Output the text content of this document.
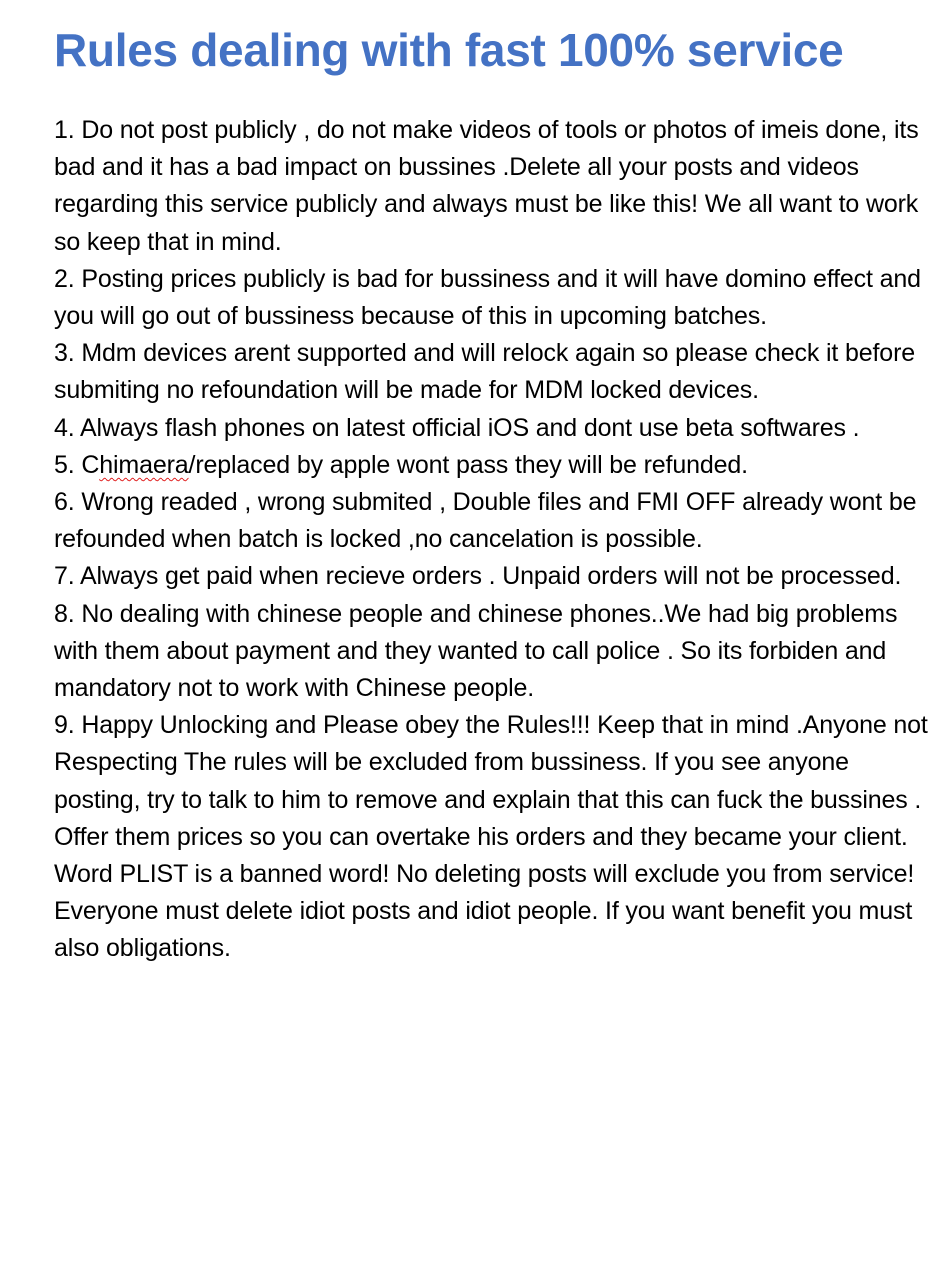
Rules dealing with fast 100% service
1. Do not post publicly , do not make videos of tools or photos of imeis done, its bad and it has a bad impact on bussines .Delete all your posts and videos regarding this service publicly and always must be like this! We all want to work so keep that in mind.
2. Posting prices publicly is bad for bussiness and it will have domino effect and you will go out of bussiness because of this in upcoming batches.
3. Mdm devices arent supported and will relock again so please check it before submiting no refoundation will be made for MDM locked devices.
4. Always flash phones on latest official iOS and dont use beta softwares .
5. Chimaera/replaced by apple wont pass they will be refunded.
6. Wrong readed , wrong submited , Double files and FMI OFF already wont be refounded when batch is locked ,no cancelation is possible.
7. Always get paid when recieve orders . Unpaid orders will not be processed.
8. No dealing with chinese people and chinese phones..We had big problems with them about payment and they wanted to call police . So its forbiden and mandatory not to work with Chinese people.
9. Happy Unlocking and Please obey the Rules!!! Keep that in mind .Anyone not Respecting The rules will be excluded from bussiness. If you see anyone posting, try to talk to him to remove and explain that this can fuck the bussines . Offer them prices so you can overtake his orders and they became your client. Word PLIST is a banned word! No deleting posts will exclude you from service! Everyone must delete idiot posts and idiot people. If you want benefit you must also obligations.
